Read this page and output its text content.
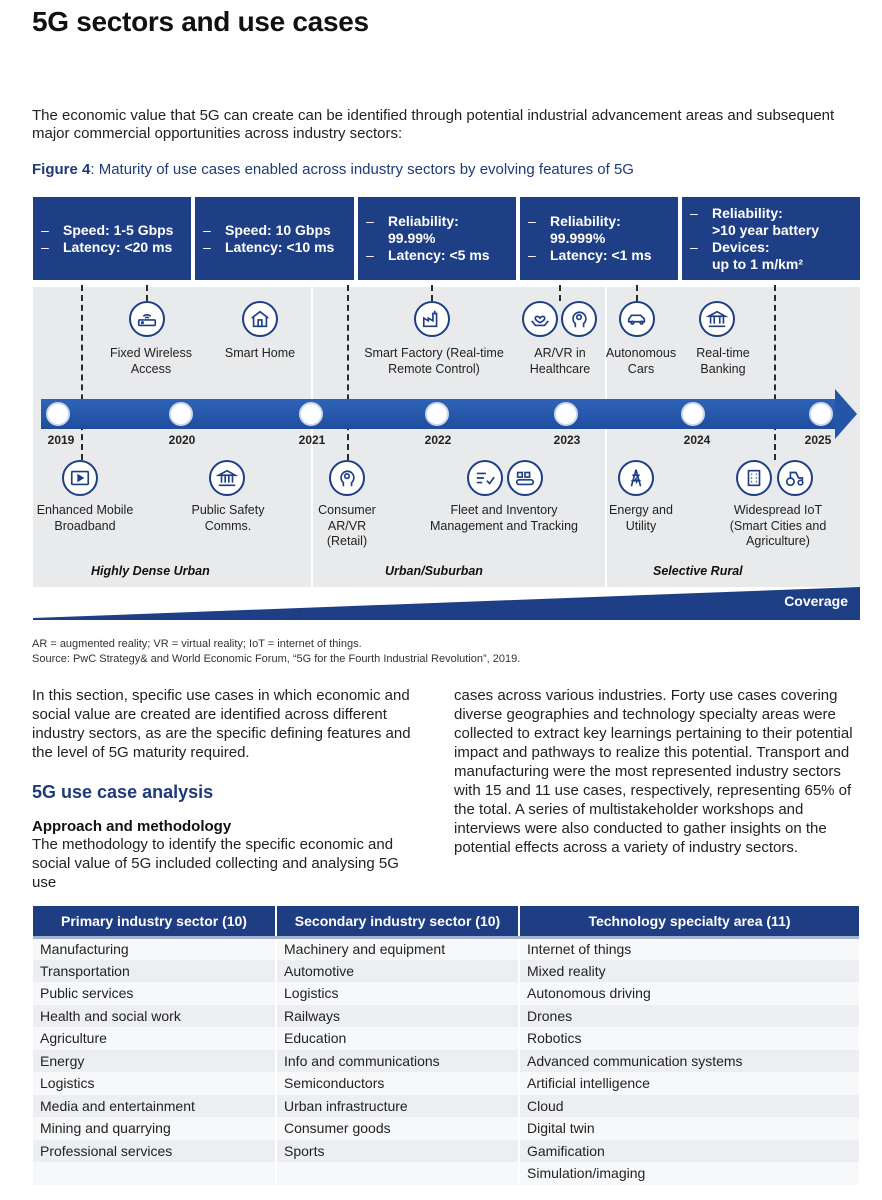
5G sectors and use cases
The economic value that 5G can create can be identified through potential industrial advancement areas and subsequent major commercial opportunities across industry sectors:
Figure 4: Maturity of use cases enabled across industry sectors by evolving features of 5G
–	Speed: 1-5 Gbps
–	Latency: <20 ms
–	Speed: 10 Gbps
–	Latency: <10 ms
–	Reliability:
99.99%
–	Latency: <5 ms
–	Reliability:
99.999%
–	Latency: <1 ms
–	Reliability:
>10 year battery
–	Devices:
up to 1 m/km²
2019	2020	2021	2022	2023	2024	2025
Fixed Wireless Access
Smart Home	Smart Factory (Real-time Remote Control)
AR/VR in Healthcare
Autonomous Cars
Real-time Banking
Enhanced Mobile Broadband
Public Safety Comms.
Consumer AR/VR (Retail)
Fleet and Inventory Management and Tracking
Energy and Utility
Widespread IoT (Smart Cities and Agriculture)
Highly Dense Urban	Urban/Suburban	Selective Rural
Coverage
AR = augmented reality; VR = virtual reality; IoT = internet of things.
Source: PwC Strategy& and World Economic Forum, “5G for the Fourth Industrial Revolution”, 2019.
In this section, specific use cases in which economic and social value are created are identified across different industry sectors, as are the specific defining features and the level of 5G maturity required.
5G use case analysis
Approach and methodology
The methodology to identify the specific economic and social value of 5G included collecting and analysing 5G use
cases across various industries. Forty use cases covering diverse geographies and technology specialty areas were collected to extract key learnings pertaining to their potential impact and pathways to realize this potential. Transport and manufacturing were the most represented industry sectors with 15 and 11 use cases, respectively, representing 65% of the total. A series of multistakeholder workshops and interviews were also conducted to gather insights on the potential effects across a variety of industry sectors.
Primary industry sector (10)	Secondary industry sector (10)	Technology specialty area (11)
Manufacturing	Machinery and equipment	Internet of things
Transportation	Automotive	Mixed reality
Public services	Logistics	Autonomous driving
Health and social work	Railways	Drones
Agriculture	Education	Robotics
Energy	Info and communications	Advanced communication systems
Logistics	Semiconductors	Artificial intelligence
Media and entertainment	Urban infrastructure	Cloud
Mining and quarrying	Consumer goods	Digital twin
Professional services	Sports	Gamification
		Simulation/imaging
